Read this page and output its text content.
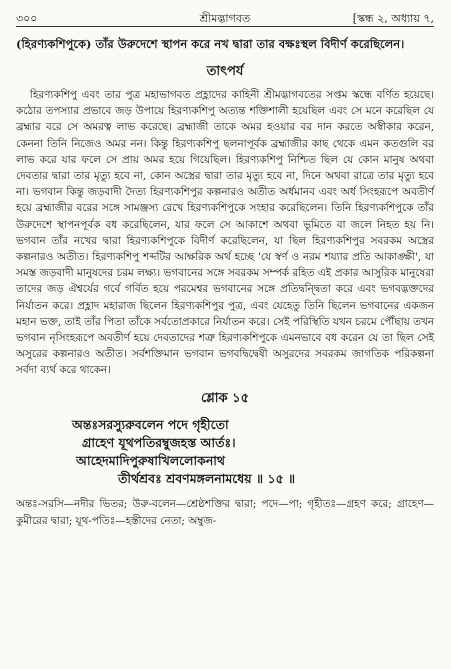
৩০০	শ্রীমদ্ভাগবত	[স্কন্ধ ২, অধ্যায় ৭,
(হিরণ্যকশিপুকে) তাঁর উরুদেশে স্থাপন করে নখ দ্বারা তার বক্ষঃস্থল বিদীর্ণ করেছিলেন।
তাৎপর্য

হিরণ্যকশিপু এবং তার পুত্র মহাভাগবত প্রহ্লাদের কাহিনী শ্রীমদ্ভাগবতের সপ্তম স্কন্ধে বর্ণিত হয়েছে। কঠোর তপস্যার প্রভাবে জড় উপায়ে হিরণ্যকশিপু অত্যন্ত শক্তিশালী হয়েছিল এবং সে মনে করেছিল যে ব্রহ্মার বরে সে অমরত্ব লাভ করেছে। ব্রহ্মাজী তাকে অমর হওয়ার বর দান করতে অস্বীকার করেন, কেননা তিনি নিজেও অমর নন। কিন্তু হিরণ্যকশিপু ছলনাপূর্বক ব্রহ্মাজীর কাছ থেকে এমন কতগুলি বর লাভ করে যার ফলে সে প্রায় অমর হয়ে গিয়েছিল। হিরণ্যকশিপু নিশ্চিত ছিল যে কোন মানুষ অথবা দেবতার দ্বারা তার মৃত্যু হবে না, কোন অস্ত্রের দ্বারা তার মৃত্যু হবে না, দিনে অথবা রাত্রে তার মৃত্যু হবে না। ভগবান কিন্তু জড়বাদী দৈত্য হিরণ্যকশিপুর কল্পনারও অতীত অর্ধমানব এবং অর্ধ সিংহরূপে অবতীর্ণ হয়ে ব্রহ্মাজীর বরের সঙ্গে সামঞ্জস্য রেখে হিরণ্যকশিপুকে সংহার করেছিলেন। তিনি হিরণ্যকশিপুকে তাঁর উরুদেশে স্থাপনপূর্বক বধ করেছিলেন, যার ফলে সে আকাশে অথবা ভূমিতে বা জলে নিহত হয় নি। ভগবান তাঁর নখের দ্বারা হিরণ্যকশিপুকে বিদীর্ণ করেছিলেন, যা ছিল হিরণ্যকশিপুর সবরকম অস্ত্রের কল্পনারও অতীত। হিরণ্যকশিপু শব্দটির আক্ষরিক অর্থ হচ্ছে 'যে স্বর্ণ ও নরম শয্যার প্রতি আকাঙ্ক্ষী', যা সমস্ত জড়বাদী মানুষদের চরম লক্ষ্য। ভগবানের সঙ্গে সবরকম সম্পর্ক রহিত এই প্রকার আসুরিক মানুষেরা তাদের জড় ঐশ্বর্যের গর্বে গর্বিত হয়ে পরমেশ্বর ভগবানের সঙ্গে প্রতিদ্বন্দ্বিতা করে এবং ভগবদ্ভক্তদের নির্যাতন করে। প্রহ্লাদ মহারাজ ছিলেন হিরণ্যকশিপুর পুত্র, এবং যেহেতু তিনি ছিলেন ভগবানের একজন মহান ভক্ত, তাই তাঁর পিতা তাঁকে সর্বতোপ্রকারে নির্যাতন করে। সেই পরিস্থিতি যখন চরমে পৌঁছায় তখন ভগবান নৃসিংহরূপে অবতীর্ণ হয়ে দেবতাদের শত্রু হিরণ্যকশিপুকে এমনভাবে বধ করেন যে তা ছিল সেই অসুরের কল্পনারও অতীত। সর্বশক্তিমান ভগবান ভগবদ্বিদ্বেষী অসুরদের সবরকম জাগতিক পরিকল্পনা সর্বদা ব্যর্থ করে থাকেন।

শ্লোক ১৫
অন্তঃসরস্যুরুবলেন পদে গৃহীতো
গ্রাহেণ যূথপতিরম্বুজহস্ত আর্তঃ।
আহেদমাদিপুরুষাখিললোকনাথ
তীর্থশ্রবঃ শ্রবণমঙ্গলনামধেয় ॥ ১৫ ॥
অন্তঃ-সরসি—নদীর ভিতর; উরু-বলেন—শ্রেষ্ঠশক্তির দ্বারা; পদে—পা; গৃহীতঃ—গ্রহণ করে; গ্রাহেণ—কুমীরের দ্বারা; যূথ-পতিঃ—হস্তীদের নেতা; অম্বুজ-
